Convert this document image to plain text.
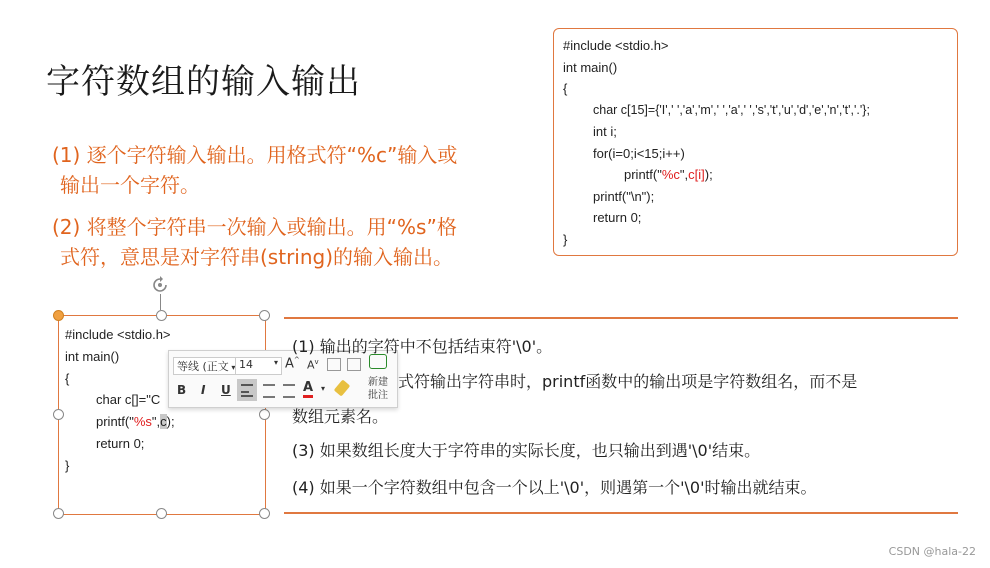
字符数组的输入输出
(1) 逐个字符输入输出。用格式符“%c”输入或
输出一个字符。
(2) 将整个字符串一次输入或输出。用“%s”格
式符，意思是对字符串(string)的输入输出。
#include <stdio.h>
int main()
{
char c[15]={'I',' ','a','m',' ','a',' ','s','t','u','d','e','n','t','.'};
int i;
for(i=0;i<15;i++)
printf("%c",c[i]);
printf("\n");
return 0;
}
#include <stdio.h>
int main()
{
char c[]="C
printf("%s",c);
return 0;
}
等线 (正文 ▾ 14	▾ A^ $A^v$
新建
批注
B I U	A ▾
(1) 输出的字符中不包括结束符'\0'。
式符输出字符串时，printf函数中的输出项是字符数组名，而不是
数组元素名。
(3) 如果数组长度大于字符串的实际长度，也只输出到遇'\0'结束。
(4) 如果一个字符数组中包含一个以上'\0'，则遇第一个'\0'时输出就结束。
CSDN @hala-22
